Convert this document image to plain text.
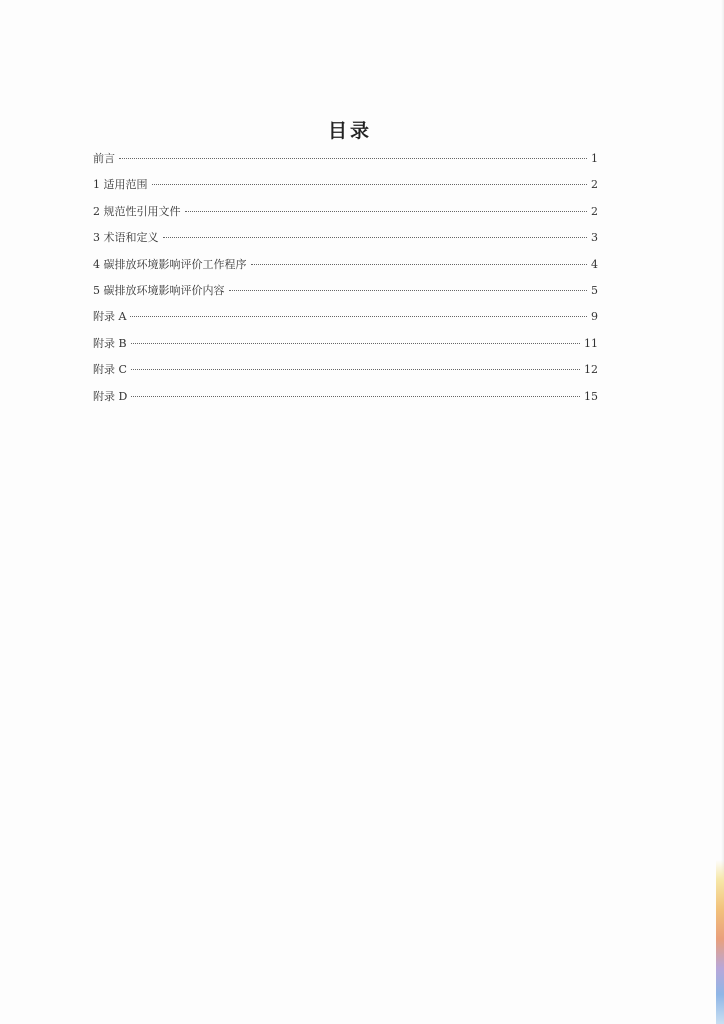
目录
前言	1
1 适用范围	2
2 规范性引用文件	2
3 术语和定义	3
4 碳排放环境影响评价工作程序	4
5 碳排放环境影响评价内容	5
附录 A	9
附录 B	11
附录 C	12
附录 D	15
